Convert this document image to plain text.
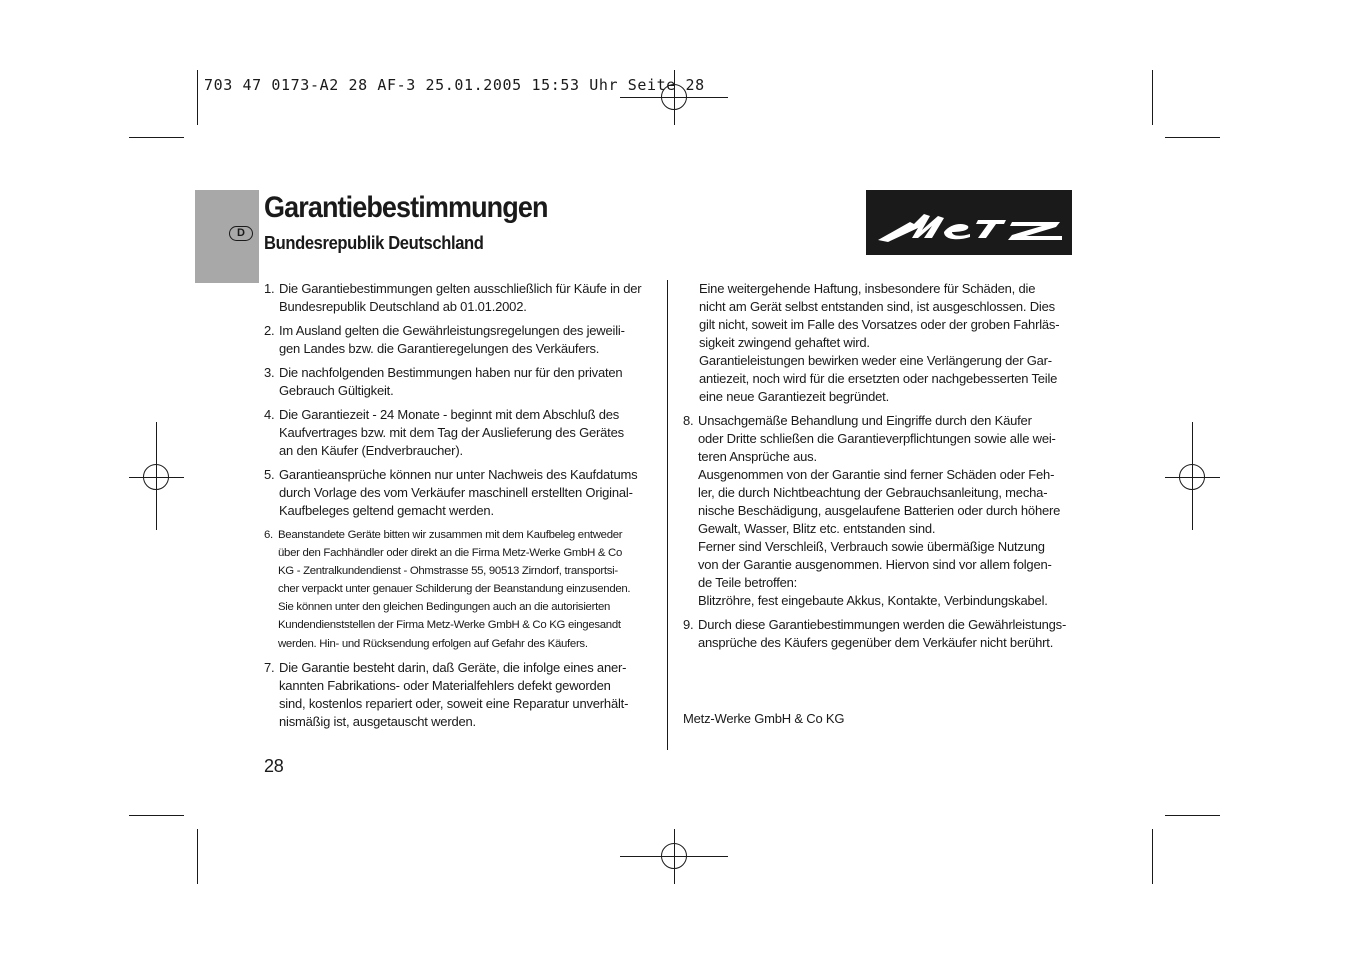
703 47 0173-A2 28 AF-3 25.01.2005 15:53 Uhr Seite 28
D
Garantiebestimmungen
Bundesrepublik Deutschland
1. Die Garantiebestimmungen gelten ausschließlich für Käufe in der
Bundesrepublik Deutschland ab 01.01.2002.
2. Im Ausland gelten die Gewährleistungsregelungen des jeweili-
gen Landes bzw. die Garantieregelungen des Verkäufers.
3. Die nachfolgenden Bestimmungen haben nur für den privaten
Gebrauch Gültigkeit.
4. Die Garantiezeit - 24 Monate - beginnt mit dem Abschluß des
Kaufvertrages bzw. mit dem Tag der Auslieferung des Gerätes
an den Käufer (Endverbraucher).
5. Garantieansprüche können nur unter Nachweis des Kaufdatums
durch Vorlage des vom Verkäufer maschinell erstellten Original-
Kaufbeleges geltend gemacht werden.
6. Beanstandete Geräte bitten wir zusammen mit dem Kaufbeleg entweder
über den Fachhändler oder direkt an die Firma Metz-Werke GmbH & Co
KG - Zentralkundendienst - Ohmstrasse 55, 90513 Zirndorf, transportsi-
cher verpackt unter genauer Schilderung der Beanstandung einzusenden.
Sie können unter den gleichen Bedingungen auch an die autorisierten
Kundendienststellen der Firma Metz-Werke GmbH & Co KG eingesandt
werden. Hin- und Rücksendung erfolgen auf Gefahr des Käufers.
7. Die Garantie besteht darin, daß Geräte, die infolge eines aner-
kannten Fabrikations- oder Materialfehlers defekt geworden
sind, kostenlos repariert oder, soweit eine Reparatur unverhält-
nismäßig ist, ausgetauscht werden.
Eine weitergehende Haftung, insbesondere für Schäden, die
nicht am Gerät selbst entstanden sind, ist ausgeschlossen. Dies
gilt nicht, soweit im Falle des Vorsatzes oder der groben Fahrläs-
sigkeit zwingend gehaftet wird.
Garantieleistungen bewirken weder eine Verlängerung der Gar-
antiezeit, noch wird für die ersetzten oder nachgebesserten Teile
eine neue Garantiezeit begründet.
8. Unsachgemäße Behandlung und Eingriffe durch den Käufer
oder Dritte schließen die Garantieverpflichtungen sowie alle wei-
teren Ansprüche aus.
Ausgenommen von der Garantie sind ferner Schäden oder Feh-
ler, die durch Nichtbeachtung der Gebrauchsanleitung, mecha-
nische Beschädigung, ausgelaufene Batterien oder durch höhere
Gewalt, Wasser, Blitz etc. entstanden sind.
Ferner sind Verschleiß, Verbrauch sowie übermäßige Nutzung
von der Garantie ausgenommen. Hiervon sind vor allem folgen-
de Teile betroffen:
Blitzröhre, fest eingebaute Akkus, Kontakte, Verbindungskabel.
9. Durch diese Garantiebestimmungen werden die Gewährleistungs-
ansprüche des Käufers gegenüber dem Verkäufer nicht berührt.
Metz-Werke GmbH & Co KG
28
